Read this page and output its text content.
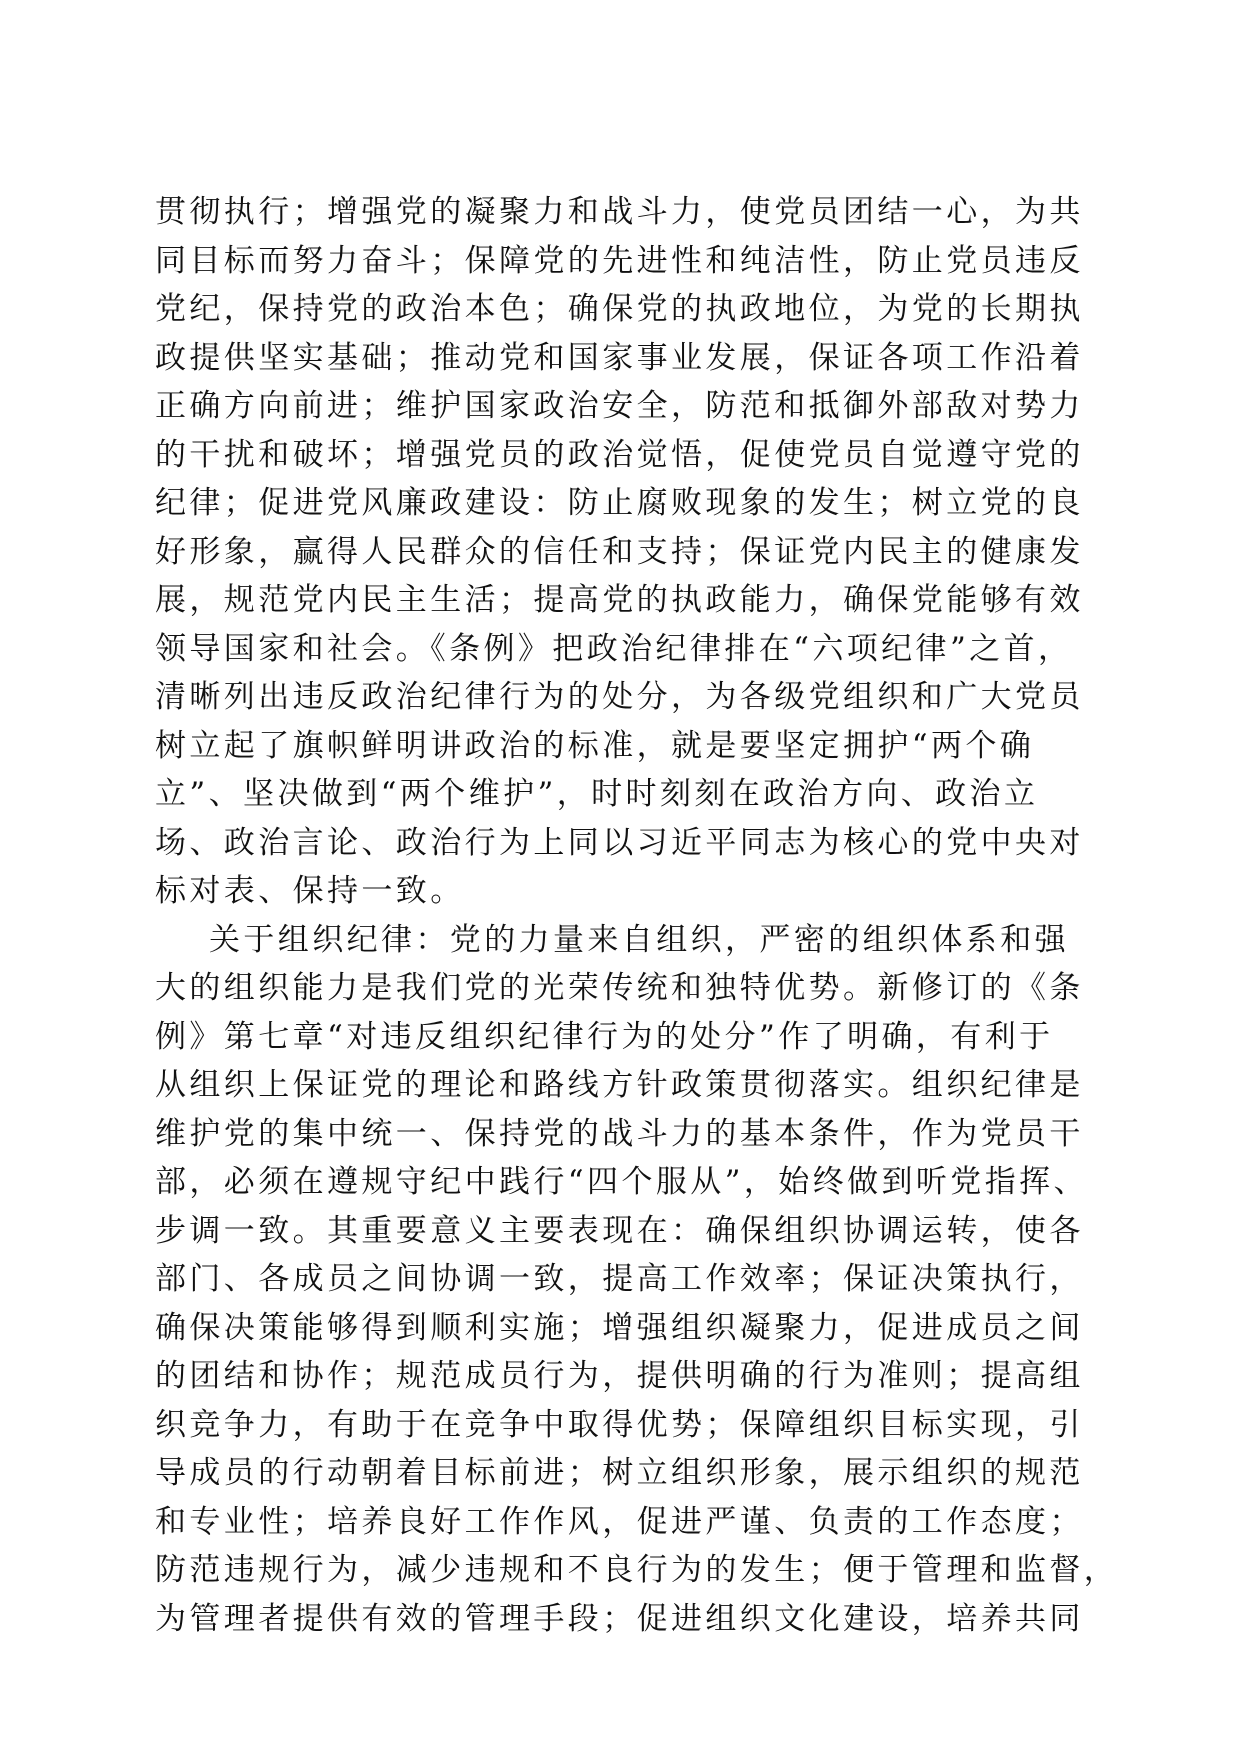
贯彻执行；增强党的凝聚力和战斗力，使党员团结一心，为共
同目标而努力奋斗；保障党的先进性和纯洁性，防止党员违反
党纪，保持党的政治本色；确保党的执政地位，为党的长期执
政提供坚实基础；推动党和国家事业发展，保证各项工作沿着
正确方向前进；维护国家政治安全，防范和抵御外部敌对势力
的干扰和破坏；增强党员的政治觉悟，促使党员自觉遵守党的
纪律；促进党风廉政建设：防止腐败现象的发生；树立党的良
好形象，赢得人民群众的信任和支持；保证党内民主的健康发
展，规范党内民主生活；提高党的执政能力，确保党能够有效
领导国家和社会。《条例》把政治纪律排在“六项纪律”之首，
清晰列出违反政治纪律行为的处分，为各级党组织和广大党员
树立起了旗帜鲜明讲政治的标准，就是要坚定拥护“两个确
立”、坚决做到“两个维护”，时时刻刻在政治方向、政治立
场、政治言论、政治行为上同以习近平同志为核心的党中央对
标对表、保持一致。
关于组织纪律：党的力量来自组织，严密的组织体系和强
大的组织能力是我们党的光荣传统和独特优势。新修订的《条
例》第七章“对违反组织纪律行为的处分”作了明确，有利于
从组织上保证党的理论和路线方针政策贯彻落实。组织纪律是
维护党的集中统一、保持党的战斗力的基本条件，作为党员干
部，必须在遵规守纪中践行“四个服从”，始终做到听党指挥、
步调一致。其重要意义主要表现在：确保组织协调运转，使各
部门、各成员之间协调一致，提高工作效率；保证决策执行，
确保决策能够得到顺利实施；增强组织凝聚力，促进成员之间
的团结和协作；规范成员行为，提供明确的行为准则；提高组
织竞争力，有助于在竞争中取得优势；保障组织目标实现，引
导成员的行动朝着目标前进；树立组织形象，展示组织的规范
和专业性；培养良好工作作风，促进严谨、负责的工作态度；
防范违规行为，减少违规和不良行为的发生；便于管理和监督，
为管理者提供有效的管理手段；促进组织文化建设，培养共同
